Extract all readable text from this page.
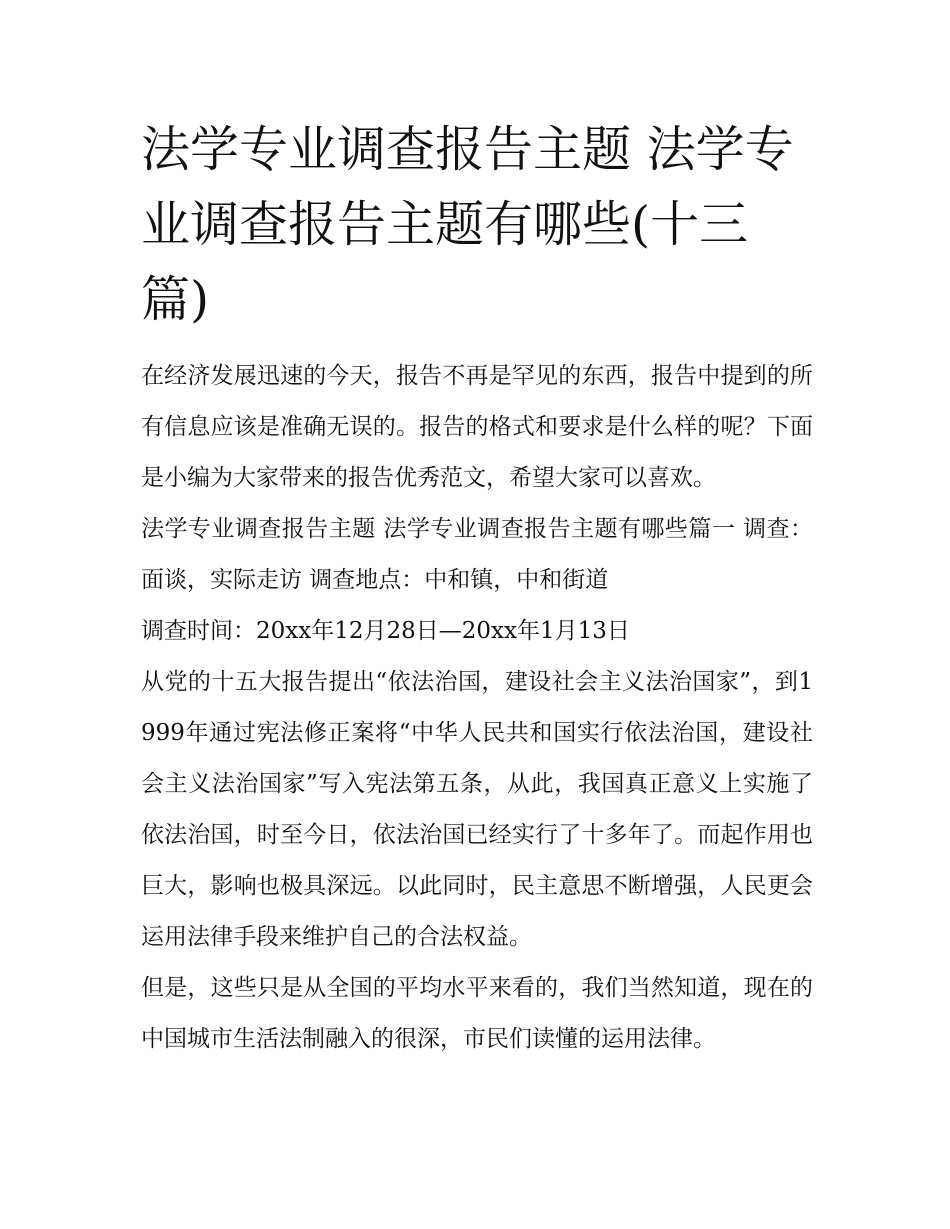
法学专业调查报告主题 法学专业调查报告主题有哪些(十三篇)

在经济发展迅速的今天，报告不再是罕见的东西，报告中提到的所有信息应该是准确无误的。报告的格式和要求是什么样的呢？下面是小编为大家带来的报告优秀范文，希望大家可以喜欢。

法学专业调查报告主题 法学专业调查报告主题有哪些篇一 调查：面谈，实际走访 调查地点：中和镇，中和街道

调查时间：20xx年12月28日—20xx年1月13日

从党的十五大报告提出“依法治国，建设社会主义法治国家”，到1999年通过宪法修正案将“中华人民共和国实行依法治国，建设社会主义法治国家”写入宪法第五条，从此，我国真正意义上实施了依法治国，时至今日，依法治国已经实行了十多年了。而起作用也巨大，影响也极具深远。以此同时，民主意思不断增强，人民更会运用法律手段来维护自己的合法权益。

但是，这些只是从全国的平均水平来看的，我们当然知道，现在的中国城市生活法制融入的很深，市民们读懂的运用法律。
